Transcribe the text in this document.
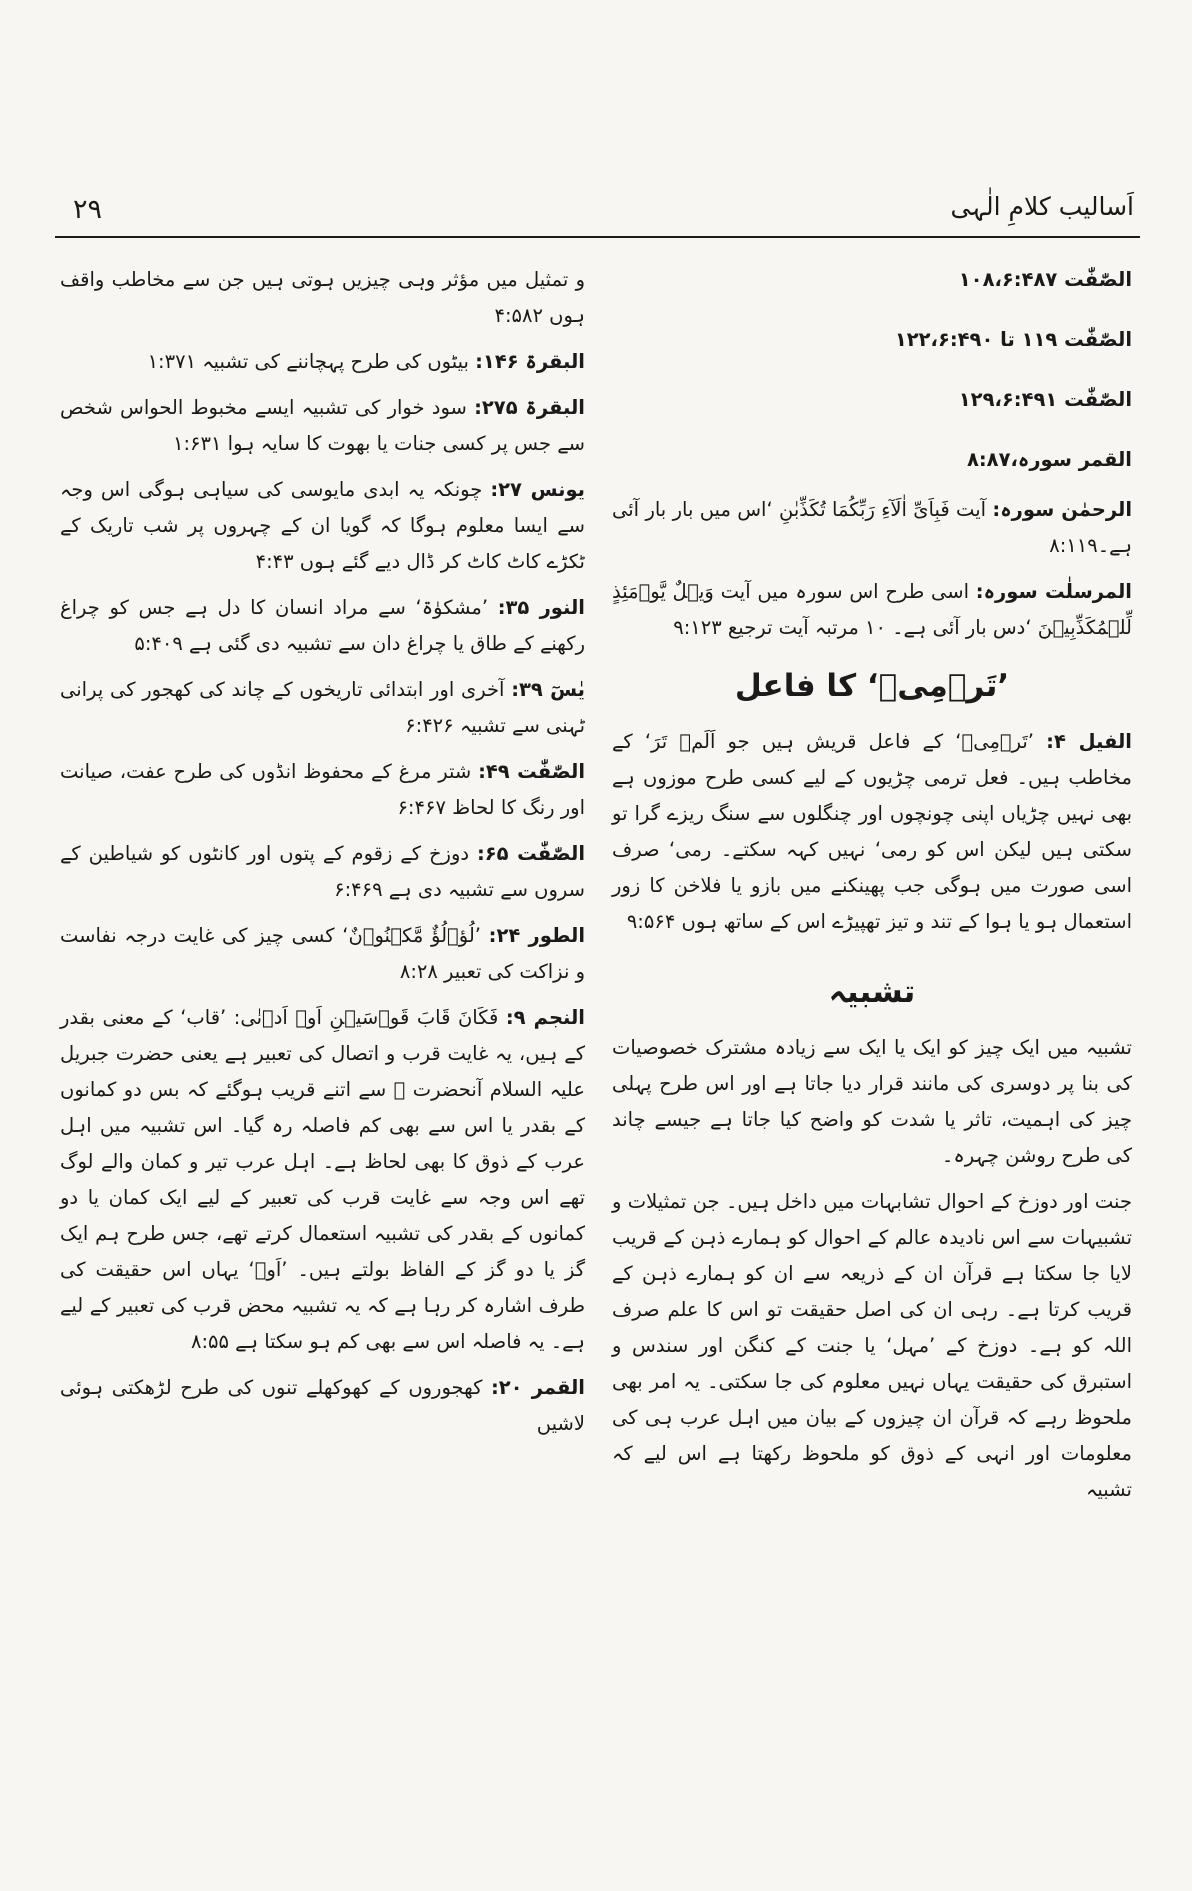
۲۹	اَسالیب کلامِ الٰہی
الصّٰفّٰت ۱۰۸،۶:۴۸۷
الصّٰفّٰت ۱۱۹ تا ۱۲۲،۶:۴۹۰
الصّٰفّٰت ۱۲۹،۶:۴۹۱
القمر سورہ،۸:۸۷
الرحمٰن سورہ: آیت فَبِاَیِّ اٰلَآءِ رَبِّکُمَا تُکَذِّبٰنِ ‘اس میں بار بار آئی ہے۔۸:۱۱۹
المرسلٰت سورہ: اسی طرح اس سورہ میں آیت وَیۡلٌ یَّوۡمَئِذٍ لِّلۡمُکَذِّبِیۡنَ ‘دس بار آئی ہے۔ ۱۰ مرتبہ آیت ترجیع ۹:۱۲۳
’تَرۡمِیۡ‘ کا فاعل
الفیل ۴: ’تَرۡمِیۡ‘ کے فاعل قریش ہیں جو اَلَمۡ تَرَ‘ کے مخاطب ہیں۔ فعل ترمی چڑیوں کے لیے کسی طرح موزوں ہے بھی نہیں چڑیاں اپنی چونچوں اور چنگلوں سے سنگ ریزے گرا تو سکتی ہیں لیکن اس کو رمی‘ نہیں کہہ سکتے۔ رمی‘ صرف اسی صورت میں ہوگی جب پھینکنے میں بازو یا فلاخن کا زور استعمال ہو یا ہوا کے تند و تیز تھپیڑے اس کے ساتھ ہوں ۹:۵۶۴
تشبیہ
تشبیہ میں ایک چیز کو ایک یا ایک سے زیادہ مشترک خصوصیات کی بنا پر دوسری کی مانند قرار دیا جاتا ہے اور اس طرح پہلی چیز کی اہمیت، تاثر یا شدت کو واضح کیا جاتا ہے جیسے چاند کی طرح روشن چہرہ۔
جنت اور دوزخ کے احوال تشابہات میں داخل ہیں۔ جن تمثیلات و تشبیہات سے اس نادیدہ عالم کے احوال کو ہمارے ذہن کے قریب لایا جا سکتا ہے قرآن ان کے ذریعہ سے ان کو ہمارے ذہن کے قریب کرتا ہے۔ رہی ان کی اصل حقیقت تو اس کا علم صرف اللہ کو ہے۔ دوزخ کے ’مہل‘ یا جنت کے کنگن اور سندس و استبرق کی حقیقت یہاں نہیں معلوم کی جا سکتی۔ یہ امر بھی ملحوظ رہے کہ قرآن ان چیزوں کے بیان میں اہل عرب ہی کی معلومات اور انہی کے ذوق کو ملحوظ رکھتا ہے اس لیے کہ تشبیہ
و تمثیل میں مؤثر وہی چیزیں ہوتی ہیں جن سے مخاطب واقف ہوں ۴:۵۸۲
البقرۃ ۱۴۶: بیٹوں کی طرح پہچاننے کی تشبیہ ۱:۳۷۱
البقرۃ ۲۷۵: سود خوار کی تشبیہ ایسے مخبوط الحواس شخص سے جس پر کسی جنات یا بھوت کا سایہ ہوا ۱:۶۳۱
یونس ۲۷: چونکہ یہ ابدی مایوسی کی سیاہی ہوگی اس وجہ سے ایسا معلوم ہوگا کہ گویا ان کے چہروں پر شب تاریک کے ٹکڑے کاٹ کاٹ کر ڈال دیے گئے ہوں ۴:۴۳
النور ۳۵: ’مشکوٰۃ‘ سے مراد انسان کا دل ہے جس کو چراغ رکھنے کے طاق یا چراغ دان سے تشبیہ دی گئی ہے ۵:۴۰۹
یٰسٓ ۳۹: آخری اور ابتدائی تاریخوں کے چاند کی کھجور کی پرانی ٹہنی سے تشبیہ ۶:۴۲۶
الصّٰفّٰت ۴۹: شتر مرغ کے محفوظ انڈوں کی طرح عفت، صیانت اور رنگ کا لحاظ ۶:۴۶۷
الصّٰفّٰت ۶۵: دوزخ کے زقوم کے پتوں اور کانٹوں کو شیاطین کے سروں سے تشبیہ دی ہے ۶:۴۶۹
الطور ۲۴: ’لُؤۡلُؤٌ مَّکۡنُوۡنٌ‘ کسی چیز کی غایت درجہ نفاست و نزاکت کی تعبیر ۸:۲۸
النجم ۹: فَکَانَ قَابَ قَوۡسَیۡنِ اَوۡ اَدۡنٰی: ’قاب‘ کے معنی بقدر کے ہیں، یہ غایت قرب و اتصال کی تعبیر ہے یعنی حضرت جبریل علیہ السلام آنحضرت ﷺ سے اتنے قریب ہوگئے کہ بس دو کمانوں کے بقدر یا اس سے بھی کم فاصلہ رہ گیا۔ اس تشبیہ میں اہل عرب کے ذوق کا بھی لحاظ ہے۔ اہل عرب تیر و کمان والے لوگ تھے اس وجہ سے غایت قرب کی تعبیر کے لیے ایک کمان یا دو کمانوں کے بقدر کی تشبیہ استعمال کرتے تھے، جس طرح ہم ایک گز یا دو گز کے الفاظ بولتے ہیں۔ ’اَوۡ‘ یہاں اس حقیقت کی طرف اشارہ کر رہا ہے کہ یہ تشبیہ محض قرب کی تعبیر کے لیے ہے۔ یہ فاصلہ اس سے بھی کم ہو سکتا ہے ۸:۵۵
القمر ۲۰: کھجوروں کے کھوکھلے تنوں کی طرح لڑھکتی ہوئی لاشیں
